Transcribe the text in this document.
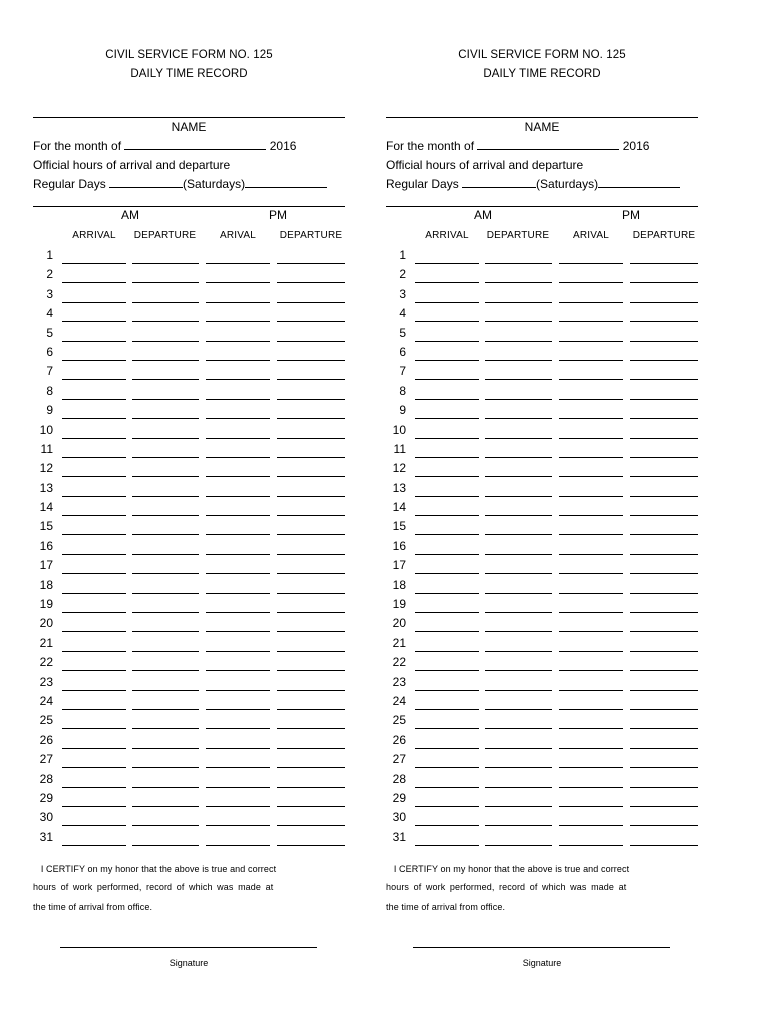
CIVIL SERVICE FORM NO. 125
DAILY TIME RECORD
NAME
For the month of	2016
Official hours of arrival and departure
Regular Days	(Saturdays)
AM	PM
ARRIVAL	DEPARTURE	ARIVAL	DEPARTURE
1
2
3
4
5
6
7
8
9
10
11
12
13
14
15
16
17
18
19
20
21
22
23
24
25
26
27
28
29
30
31
I CERTIFY on my honor that the above is true and correct
hours of work performed, record of which was made at
the time of arrival from office.
Signature
CIVIL SERVICE FORM NO. 125
DAILY TIME RECORD
NAME
For the month of	2016
Official hours of arrival and departure
Regular Days	(Saturdays)
AM	PM
ARRIVAL	DEPARTURE	ARIVAL	DEPARTURE
1
2
3
4
5
6
7
8
9
10
11
12
13
14
15
16
17
18
19
20
21
22
23
24
25
26
27
28
29
30
31
I CERTIFY on my honor that the above is true and correct
hours of work performed, record of which was made at
the time of arrival from office.
Signature
